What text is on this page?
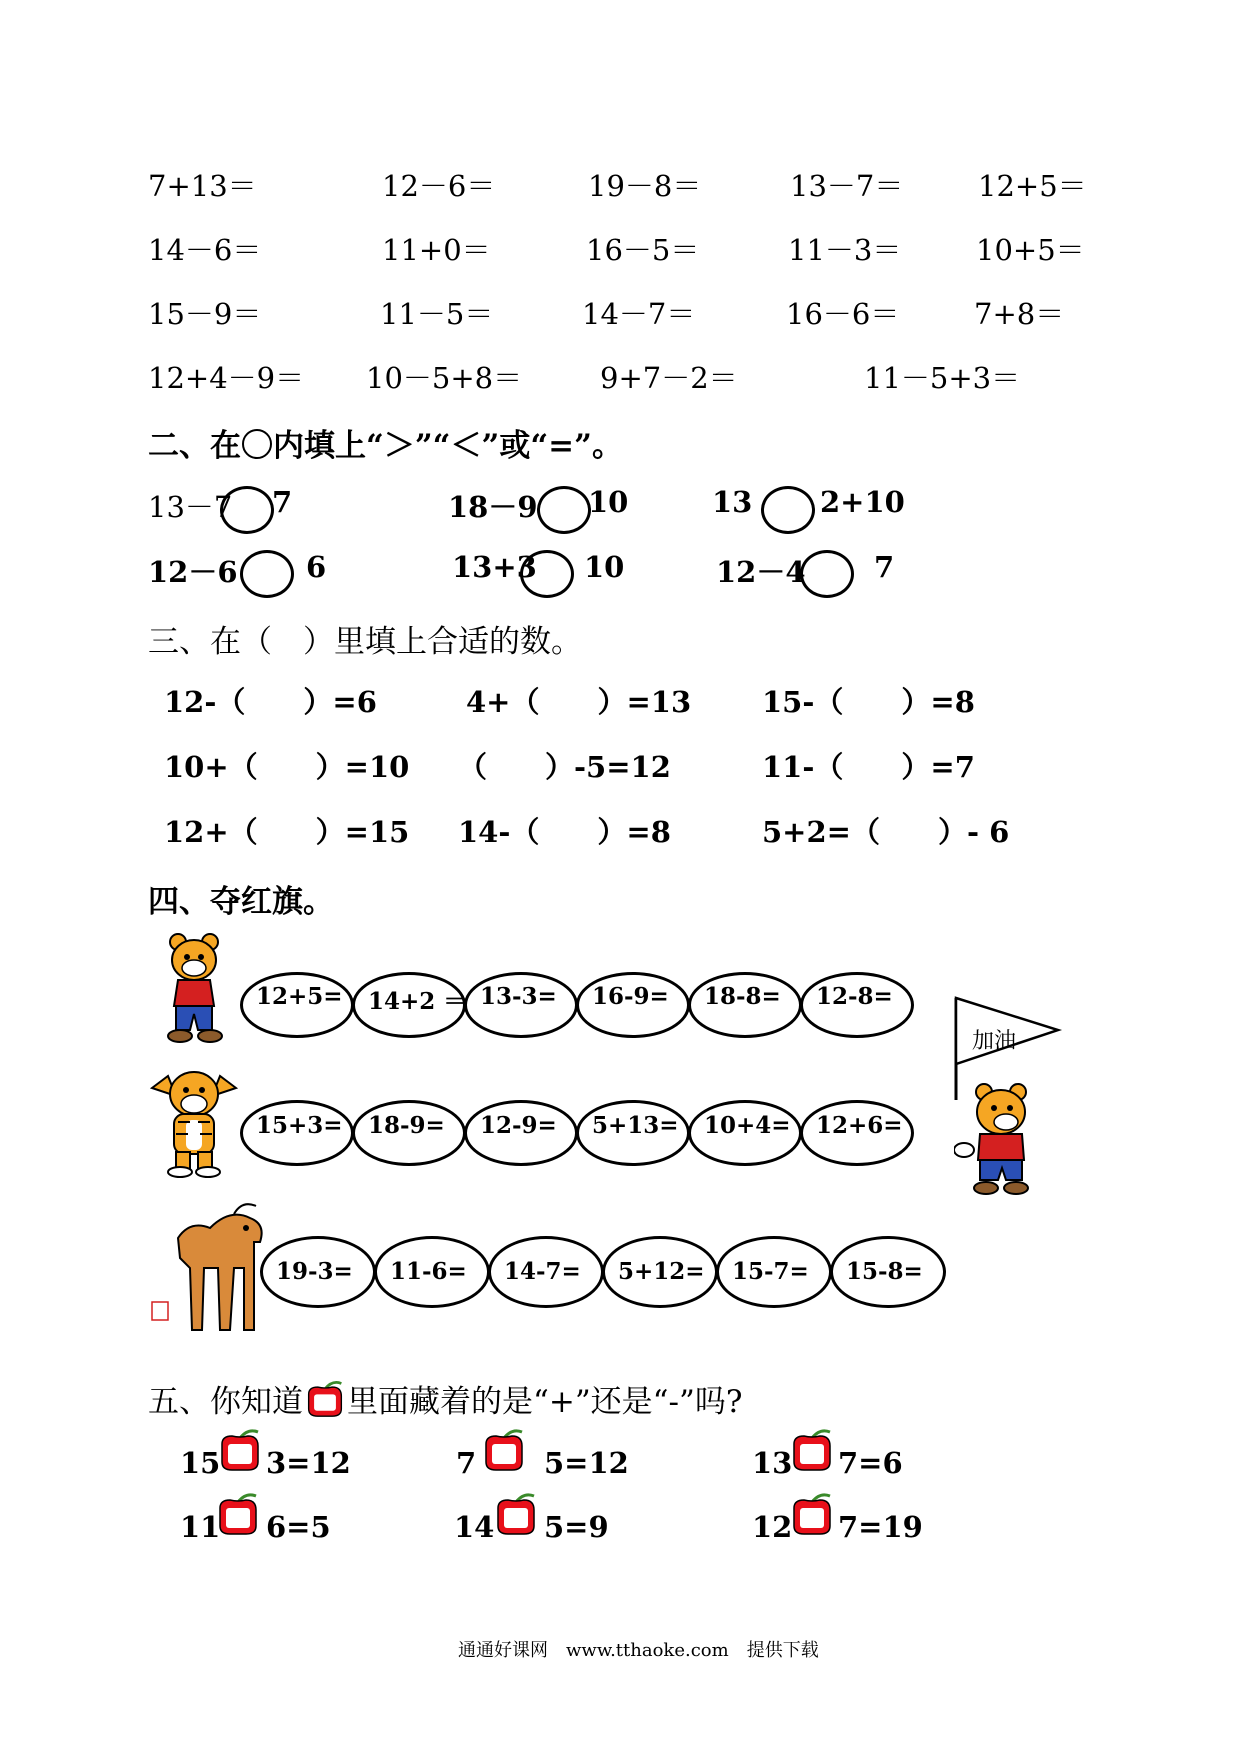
7+13＝	12－6＝	19－8＝	13－7＝	12+5＝
14－6＝	11+0＝	16－5＝	11－3＝	10+5＝
15－9＝	11－5＝	14－7＝	16－6＝	7+8＝
12+4－9＝ 10－5+8＝	9+7－2＝	11－5+3＝
二、在 内填上“＞”“＜”或“=”。
13－7 7	18－9 10	13 2+10
12－6 6	13+3 10	12－4 7
三、在（　）里填上合适的数。
12-（　　）=6	4+（　　）=13 15-（　　）=8
10+（　　）=10 （　　）-5=12	11-（　　）=7
12+（　　）=15 14-（　　）=8	5+2=（　　）- 6
四、夺红旗。
12+5= 14+2 ＝ 13-3= 16-9= 18-8= 12-8=
15+3= 18-9= 12-9= 5+13= 10+4= 12+6=
19-3= 11-6= 14-7= 5+12= 15-7= 15-8=
加油
五、你知道 里面藏着的是“+”还是“-”吗?
15 3=12	7 5=12	13 7=6
11 6=5	14 5=9	12 7=19
通通好课网　www.tthaoke.com　提供下载
